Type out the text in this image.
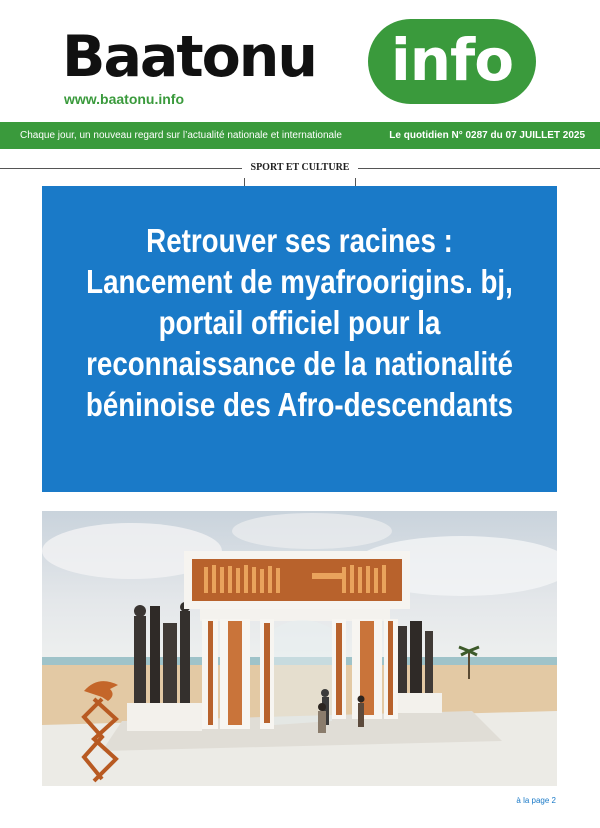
Baatonu	info
www.baatonu.info
Chaque jour, un nouveau regard sur l’actualité nationale et internationale	Le quotidien N° 0287 du 07 JUILLET 2025
SPORT ET CULTURE
Retrouver ses racines : Lancement de myafroorigins. bj, portail officiel pour la reconnaissance de la nationalité béninoise des Afro-descendants
à la page 2
